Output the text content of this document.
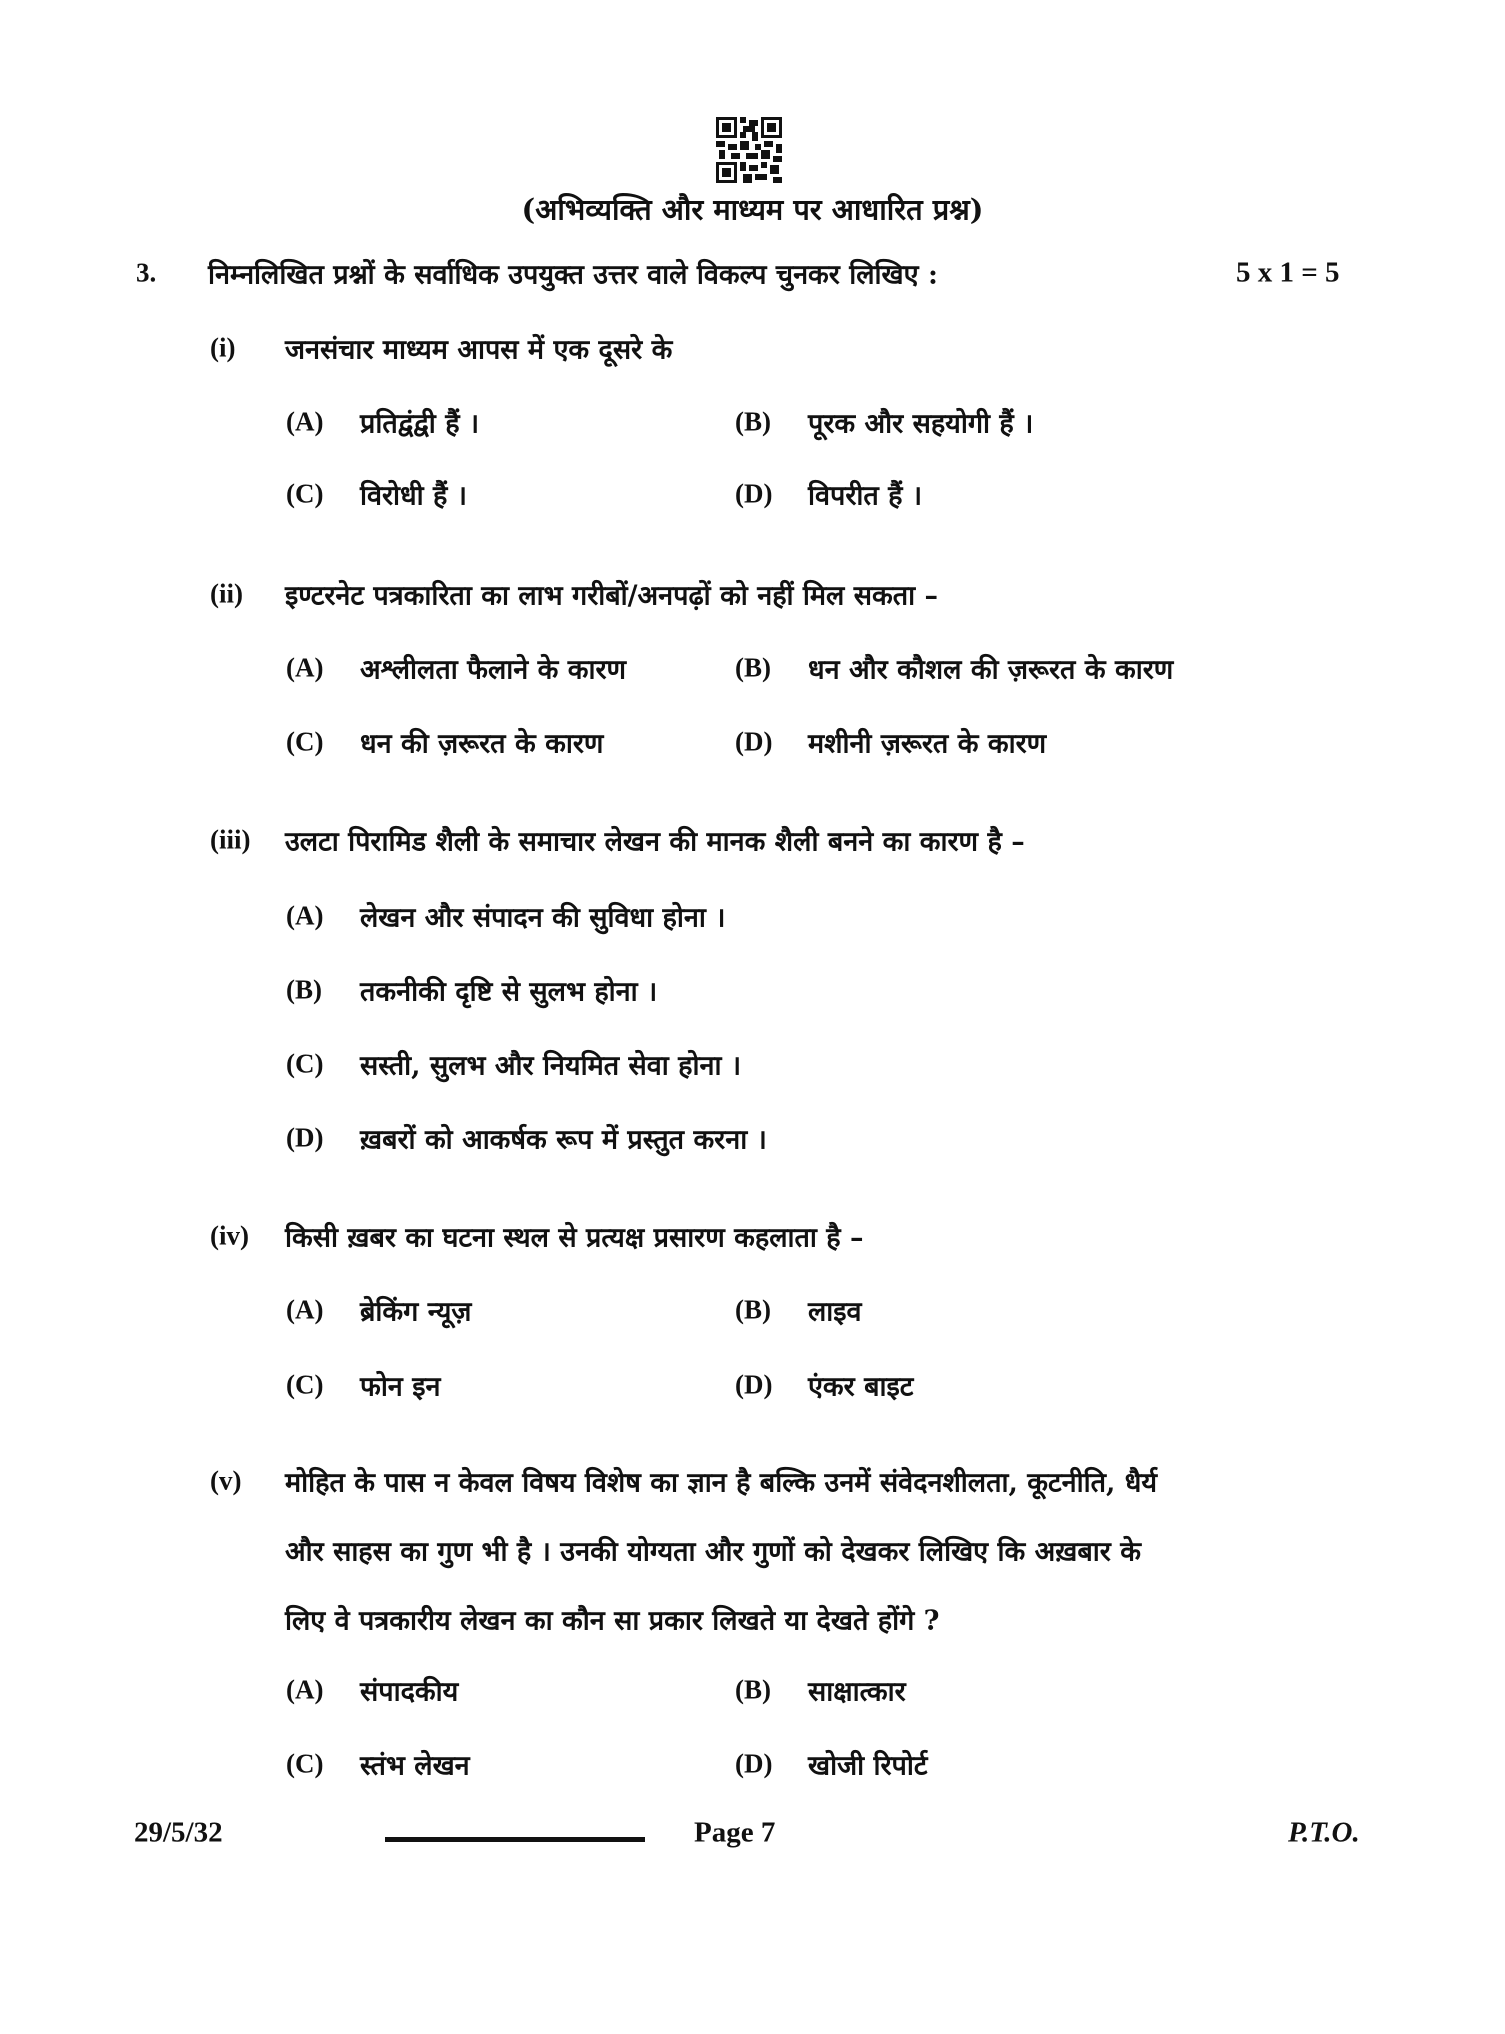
(अभिव्यक्ति और माध्यम पर आधारित प्रश्न)
3. निम्नलिखित प्रश्नों के सर्वाधिक उपयुक्त उत्तर वाले विकल्प चुनकर लिखिए :	5 x 1 = 5
(i) जनसंचार माध्यम आपस में एक दूसरे के
(A) प्रतिद्वंद्वी हैं ।	(B) पूरक और सहयोगी हैं ।
(C) विरोधी हैं ।	(D) विपरीत हैं ।
(ii) इण्टरनेट पत्रकारिता का लाभ गरीबों/अनपढ़ों को नहीं मिल सकता –
(A) अश्लीलता फैलाने के कारण	(B) धन और कौशल की ज़रूरत के कारण
(C) धन की ज़रूरत के कारण	(D) मशीनी ज़रूरत के कारण
(iii) उलटा पिरामिड शैली के समाचार लेखन की मानक शैली बनने का कारण है –
(A) लेखन और संपादन की सुविधा होना ।
(B) तकनीकी दृष्टि से सुलभ होना ।
(C) सस्ती, सुलभ और नियमित सेवा होना ।
(D) ख़बरों को आकर्षक रूप में प्रस्तुत करना ।
(iv) किसी ख़बर का घटना स्थल से प्रत्यक्ष प्रसारण कहलाता है –
(A) ब्रेकिंग न्यूज़	(B) लाइव
(C) फोन इन	(D) एंकर बाइट
(v) मोहित के पास न केवल विषय विशेष का ज्ञान है बल्कि उनमें संवेदनशीलता, कूटनीति, धैर्य
और साहस का गुण भी है । उनकी योग्यता और गुणों को देखकर लिखिए कि अख़बार के
लिए वे पत्रकारीय लेखन का कौन सा प्रकार लिखते या देखते होंगे ?
(A) संपादकीय	(B) साक्षात्कार
(C) स्तंभ लेखन	(D) खोजी रिपोर्ट
29/5/32	Page 7	P.T.O.
